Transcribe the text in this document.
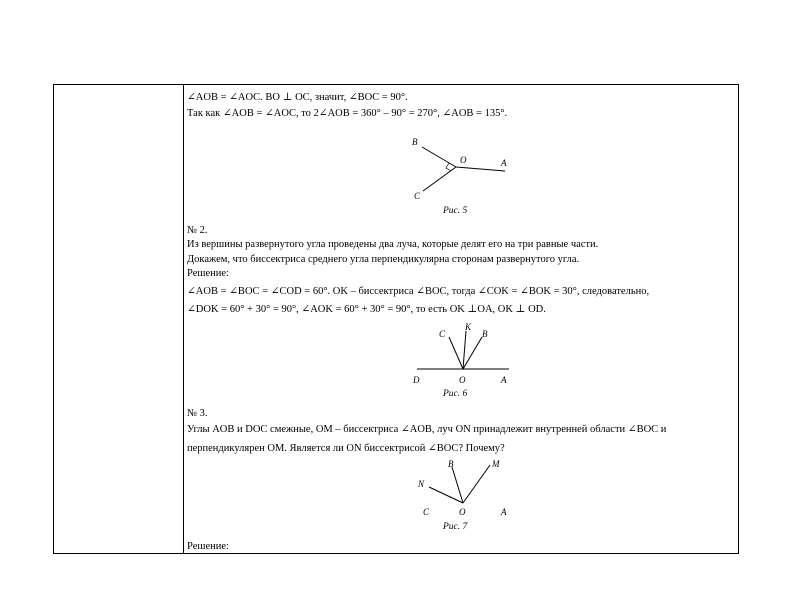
∠AOB = ∠AOC. BO ⊥ OC, значит, ∠BOC = 90°.
Так как ∠AOB = ∠AOC, то 2∠AOB = 360° – 90° = 270°, ∠AOB = 135°.
B
O	A
C
Рис. 5
№ 2.
Из вершины развернутого угла проведены два луча, которые делят его на три равные части.
Докажем, что биссектриса среднего угла перпендикулярна сторонам развернутого угла.
Решение:
∠AOB = ∠BOC = ∠COD = 60°. OK – биссектриса ∠BOC, тогда ∠COK = ∠BOK = 30°, следовательно,
∠DOK = 60° + 30° = 90°, ∠AOK = 60° + 30° = 90°, то есть OK ⊥OA, OK ⊥ OD.
C
K
B
D	O	A
Рис. 6
№ 3.
Углы AOB и DOC смежные, OM – биссектриса ∠AOB, луч ON принадлежит внутренней области ∠BOC и
перпендикулярен OM. Является ли ON биссектрисой ∠BOC? Почему?
B	M
N
C	O	A
Рис. 7
Решение:
